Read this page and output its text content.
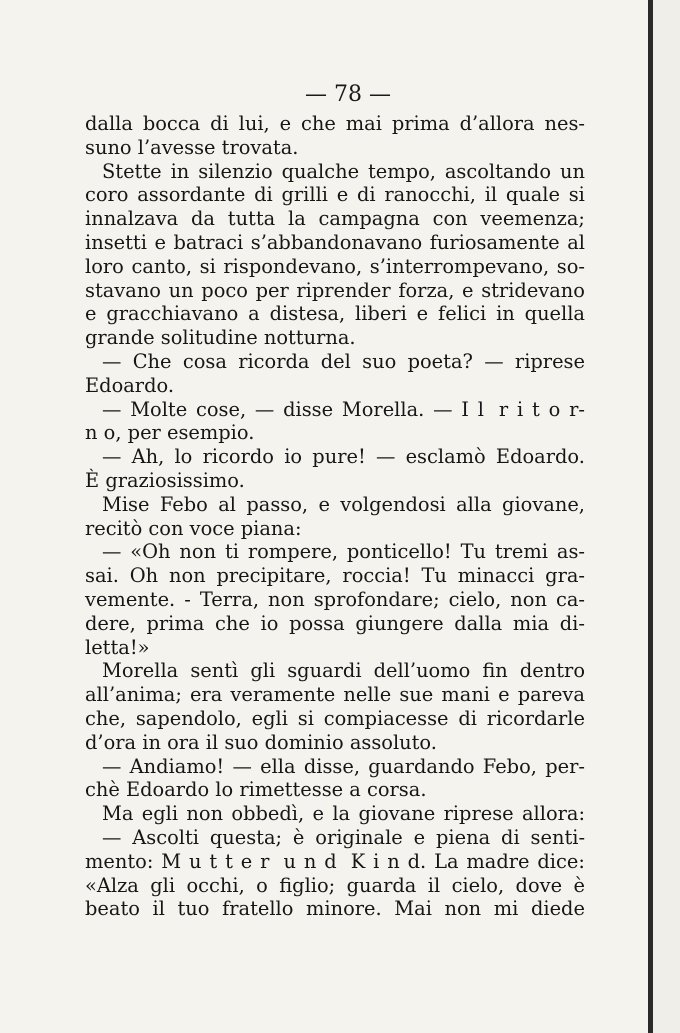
— 78 —
dalla bocca di lui, e che mai prima d’allora nes-
suno l’avesse trovata.
Stette in silenzio qualche tempo, ascoltando un
coro assordante di grilli e di ranocchi, il quale si
innalzava da tutta la campagna con veemenza;
insetti e batraci s’abbandonavano furiosamente al
loro canto, si rispondevano, s’interrompevano, so-
stavano un poco per riprender forza, e stridevano
e gracchiavano a distesa, liberi e felici in quella
grande solitudine notturna.
— Che cosa ricorda del suo poeta? — riprese
Edoardo.
— Molte cose, — disse Morella. — I l r i t o r-
n o, per esempio.
— Ah, lo ricordo io pure! — esclamò Edoardo.
È graziosissimo.
Mise Febo al passo, e volgendosi alla giovane,
recitò con voce piana:
— «Oh non ti rompere, ponticello! Tu tremi as-
sai. Oh non precipitare, roccia! Tu minacci gra-
vemente. - Terra, non sprofondare; cielo, non ca-
dere, prima che io possa giungere dalla mia di-
letta!»
Morella sentì gli sguardi dell’uomo fin dentro
all’anima; era veramente nelle sue mani e pareva
che, sapendolo, egli si compiacesse di ricordarle
d’ora in ora il suo dominio assoluto.
— Andiamo! — ella disse, guardando Febo, per-
chè Edoardo lo rimettesse a corsa.
Ma egli non obbedì, e la giovane riprese allora:
— Ascolti questa; è originale e piena di senti-
mento: M u t t e r u n d K i n d. La madre dice:
«Alza gli occhi, o figlio; guarda il cielo, dove è
beato il tuo fratello minore. Mai non mi diede
